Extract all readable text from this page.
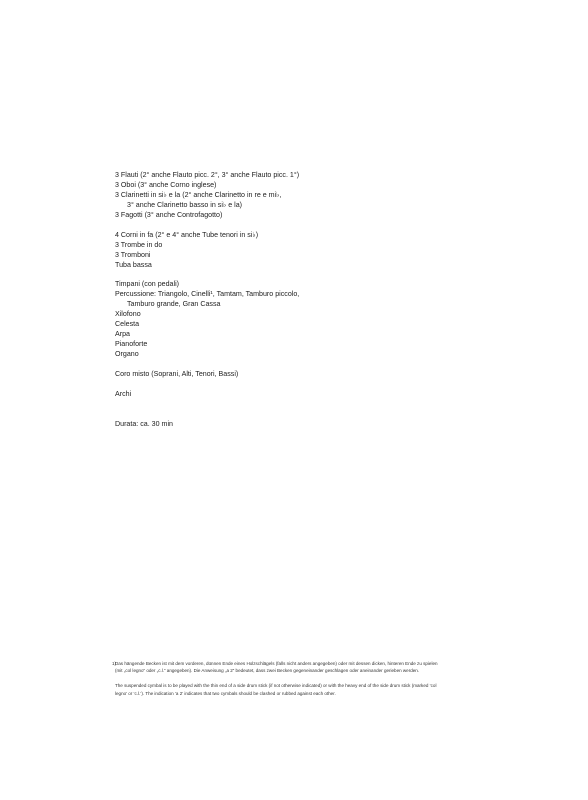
3 Flauti (2° anche Flauto picc. 2°, 3° anche Flauto picc. 1°)
3 Oboi (3° anche Corno inglese)
3 Clarinetti in si♭ e la (2° anche Clarinetto in re e mi♭,
3° anche Clarinetto basso in si♭ e la)
3 Fagotti (3° anche Controfagotto)
4 Corni in fa (2° e 4° anche Tube tenori in si♭)
3 Trombe in do
3 Tromboni
Tuba bassa
Timpani (con pedali)
Percussione: Triangolo, Cinelli¹, Tamtam, Tamburo piccolo,
Tamburo grande, Gran Cassa
Xilofono
Celesta
Arpa
Pianoforte
Organo
Coro misto (Soprani, Alti, Tenori, Bassi)
Archi
Durata: ca. 30 min
1)

Das hängende Becken ist mit dem vorderen, dünnen Ende eines Holzschlägels (falls nicht anders angegeben) oder mit dessen dicken, hinteren Ende zu spielen (mit „col legno“ oder „c.l.“ angegeben). Die Anweisung „a 2“ bedeutet, dass zwei Becken gegeneinander geschlagen oder aneinander gerieben werden.

The suspended cymbal is to be played with the thin end of a side drum stick (if not otherwise indicated) or with the heavy end of the side drum stick (marked ‘col legno’ or ‘c.l.’). The indication ‘a 2’ indicates that two cymbals should be clashed or rubbed against each other.
